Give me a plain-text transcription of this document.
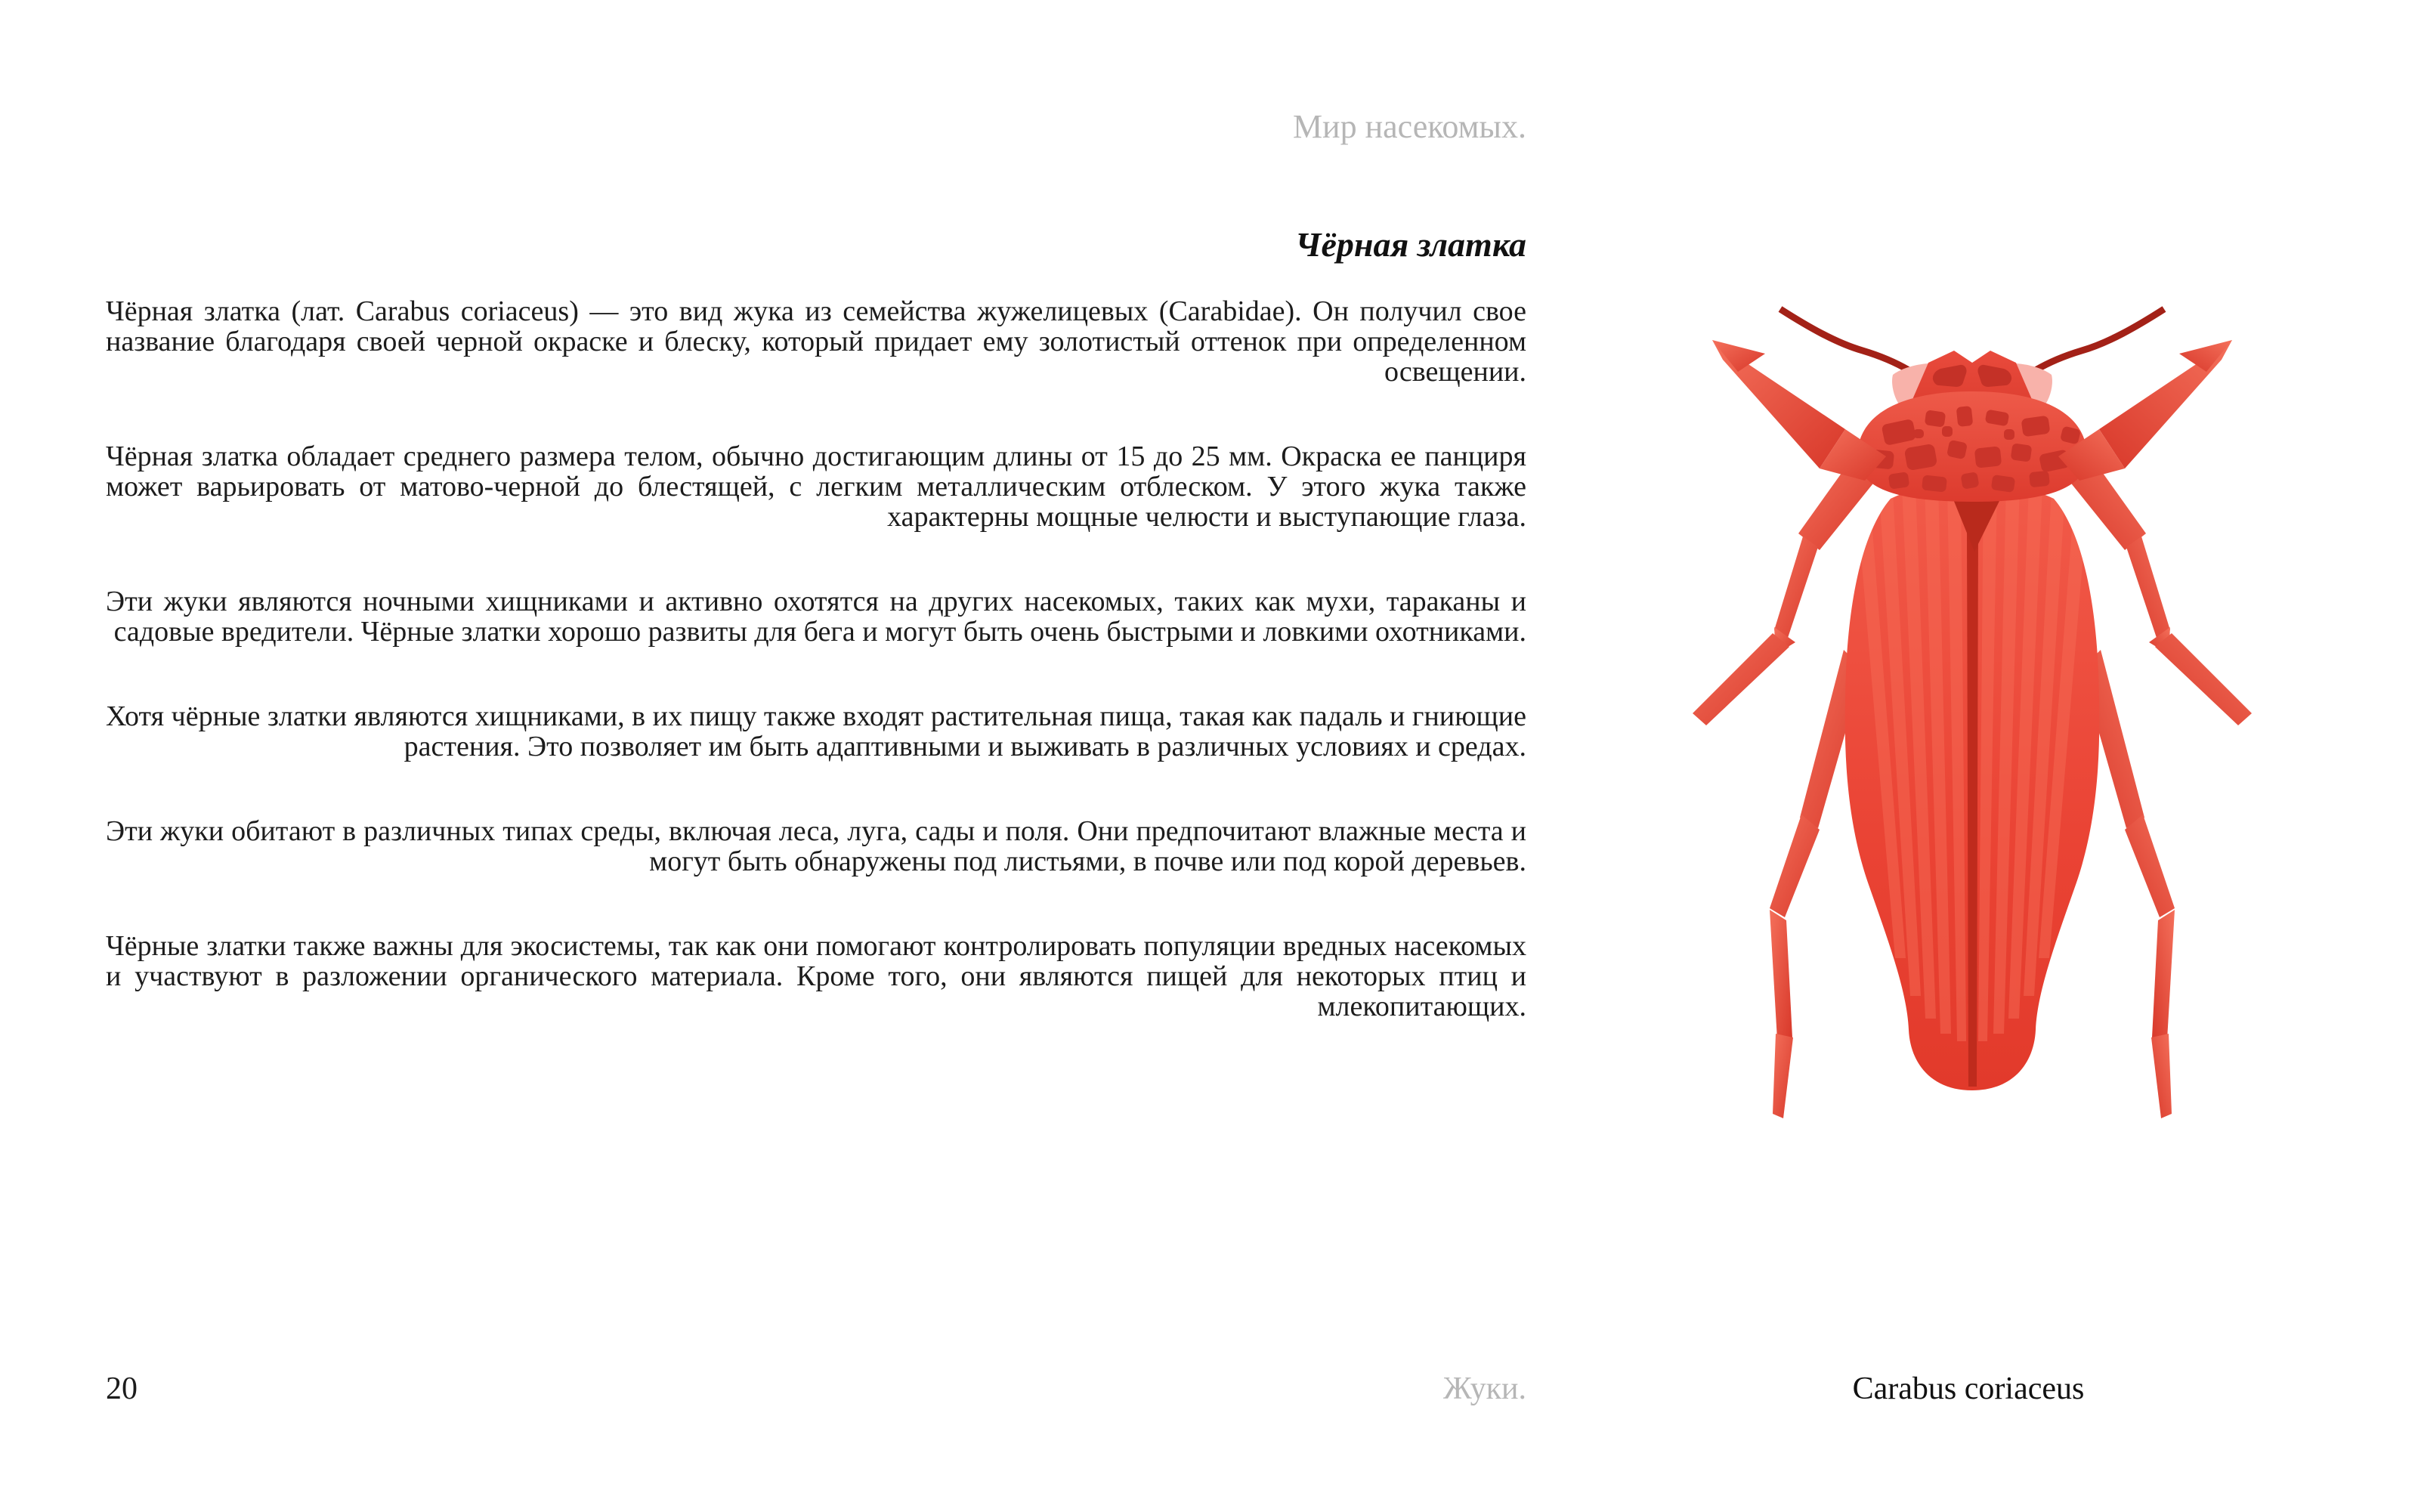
Мир насекомых.
Чёрная златка

Чёрная златка (лат. Carabus coriaceus) — это вид жука из семейства жужелицевых (Carabidae). Он получил свое название благодаря своей черной окраске и блеску, который придает ему золотистый оттенок при определенном освещении.

Чёрная златка обладает среднего размера телом, обычно достигающим длины от 15 до 25 мм. Окраска ее панциря может варьировать от матово-черной до блестящей, с легким металлическим отблеском. У этого жука также характерны мощные челюсти и выступающие глаза.

Эти жуки являются ночными хищниками и активно охотятся на других насекомых, таких как мухи, тараканы и садовые вредители. Чёрные златки хорошо развиты для бега и могут быть очень быстрыми и ловкими охотниками.

Хотя чёрные златки являются хищниками, в их пищу также входят растительная пища, такая как падаль и гниющие растения. Это позволяет им быть адаптивными и выживать в различных условиях и средах.

Эти жуки обитают в различных типах среды, включая леса, луга, сады и поля. Они предпочитают влажные места и могут быть обнаружены под листьями, в почве или под корой деревьев.

Чёрные златки также важны для экосистемы, так как они помогают контролировать популяции вредных насекомых и участвуют в разложении органического материала. Кроме того, они являются пищей для некоторых птиц и млекопитающих.

20	Жуки.	Carabus coriaceus
